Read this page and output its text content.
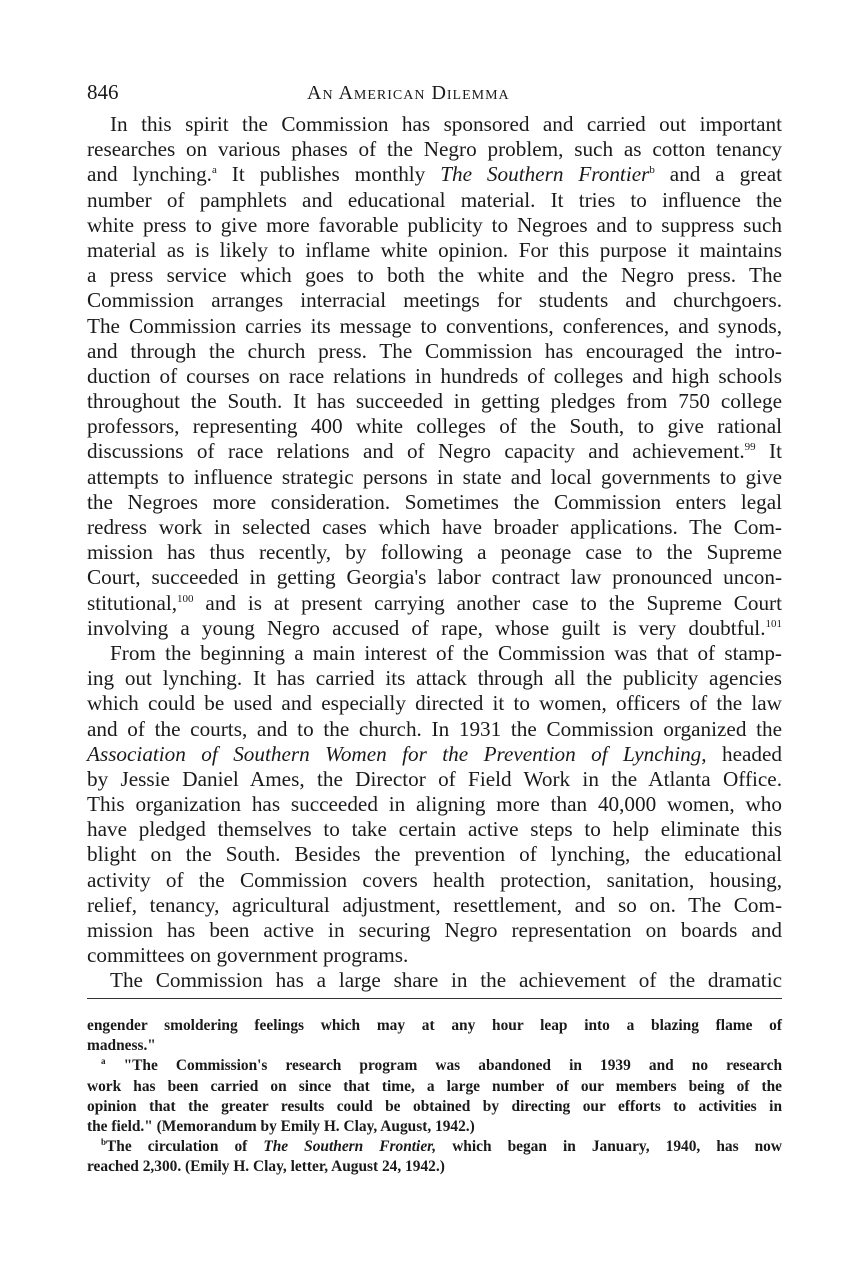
846	An American Dilemma
In this spirit the Commission has sponsored and carried out important
researches on various phases of the Negro problem, such as cotton tenancy
and lynching.$^a$ It publishes monthly The Southern Frontier$^b$ and a great
number of pamphlets and educational material. It tries to influence the
white press to give more favorable publicity to Negroes and to suppress such
material as is likely to inflame white opinion. For this purpose it maintains
a press service which goes to both the white and the Negro press. The
Commission arranges interracial meetings for students and churchgoers.
The Commission carries its message to conventions, conferences, and synods,
and through the church press. The Commission has encouraged the intro-
duction of courses on race relations in hundreds of colleges and high schools
throughout the South. It has succeeded in getting pledges from 750 college
professors, representing 400 white colleges of the South, to give rational
discussions of race relations and of Negro capacity and achievement.$^{99}$ It
attempts to influence strategic persons in state and local governments to give
the Negroes more consideration. Sometimes the Commission enters legal
redress work in selected cases which have broader applications. The Com-
mission has thus recently, by following a peonage case to the Supreme
Court, succeeded in getting Georgia's labor contract law pronounced uncon-
stitutional,$^{100}$ and is at present carrying another case to the Supreme Court
involving a young Negro accused of rape, whose guilt is very doubtful.$^{101}$
From the beginning a main interest of the Commission was that of stamp-
ing out lynching. It has carried its attack through all the publicity agencies
which could be used and especially directed it to women, officers of the law
and of the courts, and to the church. In 1931 the Commission organized the
Association of Southern Women for the Prevention of Lynching, headed
by Jessie Daniel Ames, the Director of Field Work in the Atlanta Office.
This organization has succeeded in aligning more than 40,000 women, who
have pledged themselves to take certain active steps to help eliminate this
blight on the South. Besides the prevention of lynching, the educational
activity of the Commission covers health protection, sanitation, housing,
relief, tenancy, agricultural adjustment, resettlement, and so on. The Com-
mission has been active in securing Negro representation on boards and
committees on government programs.
The Commission has a large share in the achievement of the dramatic
engender smoldering feelings which may at any hour leap into a blazing flame of
madness."
$^a$ "The Commission's research program was abandoned in 1939 and no research
work has been carried on since that time, a large number of our members being of the
opinion that the greater results could be obtained by directing our efforts to activities in
the field." (Memorandum by Emily H. Clay, August, 1942.)
$^b$The circulation of The Southern Frontier, which began in January, 1940, has now
reached 2,300. (Emily H. Clay, letter, August 24, 1942.)
